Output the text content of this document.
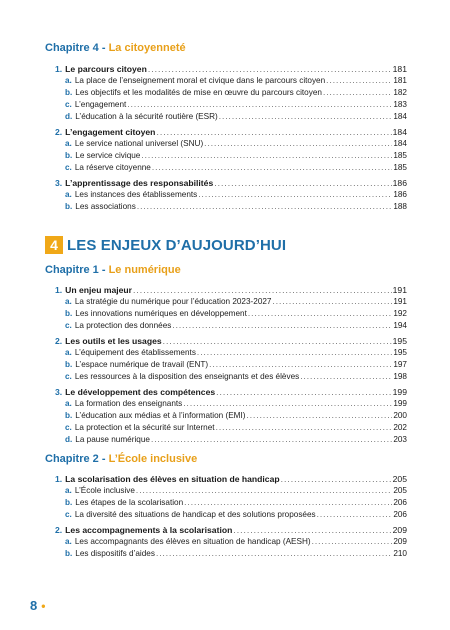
Chapitre 4 - La citoyenneté
1. Le parcours citoyen .....	181
a. La place de l’enseignement moral et civique dans le parcours citoyen .....	181
b. Les objectifs et les modalités de mise en œuvre du parcours citoyen .....	182
c. L’engagement .....	183
d. L’éducation à la sécurité routière (ESR) .....	184
2. L’engagement citoyen .....	184
a. Le service national universel (SNU) .....	184
b. Le service civique .....	185
c. La réserve citoyenne .....	185
3. L’apprentissage des responsabilités .....	186
a. Les instances des établissements .....	186
b. Les associations .....	188
4 LES ENJEUX D’AUJOURD’HUI
Chapitre 1 - Le numérique
1. Un enjeu majeur .....	191
a. La stratégie du numérique pour l’éducation 2023-2027 .....	191
b. Les innovations numériques en développement .....	192
c. La protection des données .....	194
2. Les outils et les usages .....	195
a. L’équipement des établissements .....	195
b. L’espace numérique de travail (ENT) .....	197
c. Les ressources à la disposition des enseignants et des élèves .....	198
3. Le développement des compétences .....	199
a. La formation des enseignants .....	199
b. L’éducation aux médias et à l’information (EMI) .....	200
c. La protection et la sécurité sur Internet .....	202
d. La pause numérique .....	203
Chapitre 2 - L’École inclusive
1. La scolarisation des élèves en situation de handicap .....	205
a. L’École inclusive .....	205
b. Les étapes de la scolarisation .....	206
c. La diversité des situations de handicap et des solutions proposées .....	206
2. Les accompagnements à la scolarisation .....	209
a. Les accompagnants des élèves en situation de handicap (AESH) .....	209
b. Les dispositifs d’aides .....	210
8 •
